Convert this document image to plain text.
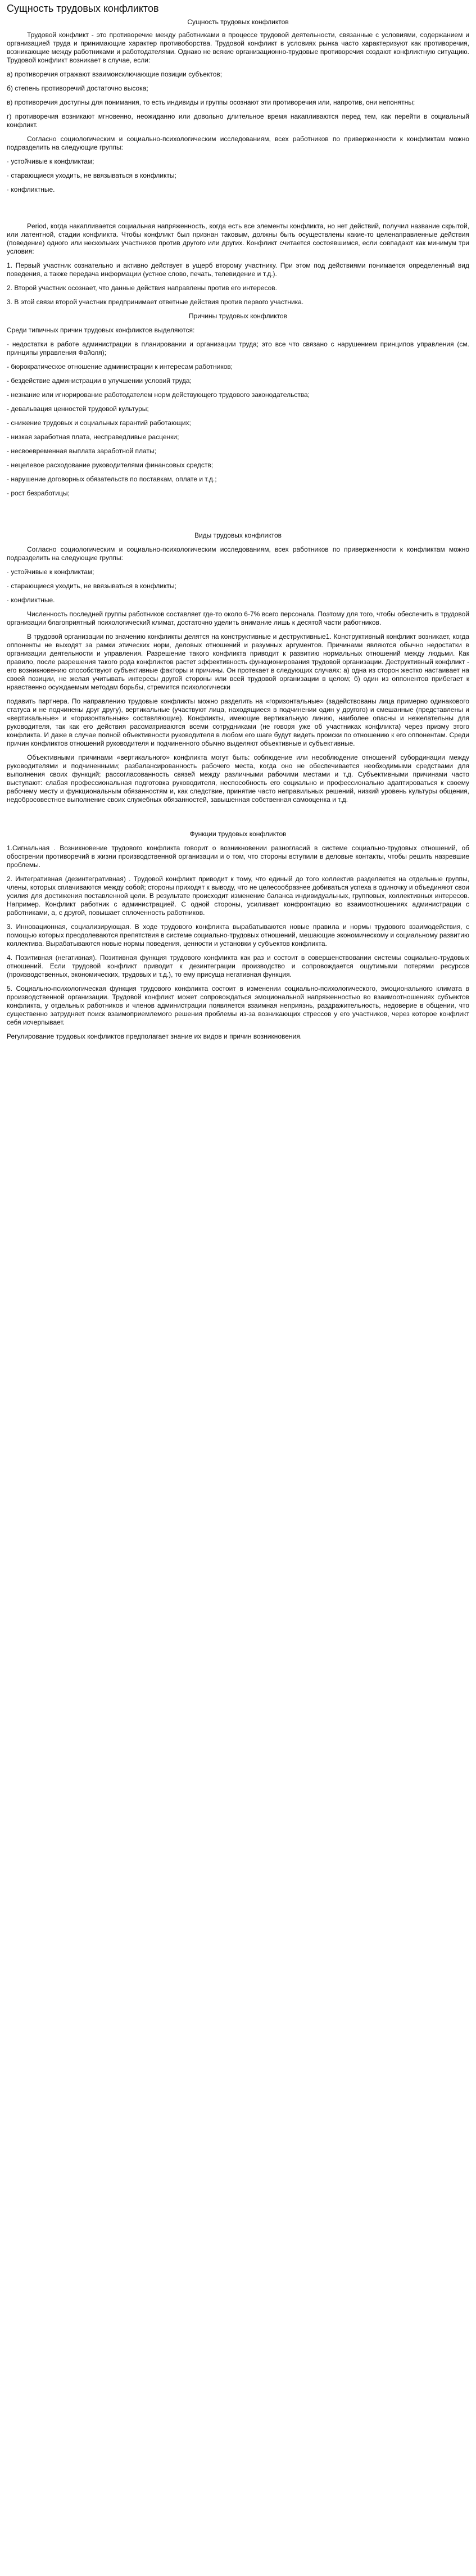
Сущность трудовых конфликтов
Сущность трудовых конфликтов

Трудовой конфликт - это противоречие между работниками в процессе трудовой деятельности, связанные с условиями, содержанием и организацией труда и принимающие характер противоборства. Трудовой конфликт в условиях рынка часто характеризуют как противоречия, возникающие между работниками и работодателями. Однако не всякие организационно-трудовые противоречия создают конфликтную ситуацию. Трудовой конфликт возникает в случае, если:

а) противоречия отражают взаимоисключающие позиции субъектов;

б) степень противоречий достаточно высока;

в) противоречия доступны для понимания, то есть индивиды и группы осознают эти противоречия или, напротив, они непонятны;

г) противоречия возникают мгновенно, неожиданно или довольно длительное время накапливаются перед тем, как перейти в социальный конфликт.

Согласно социологическим и социально-психологическим исследованиям, всех работников по приверженности к конфликтам можно подразделить на следующие группы:

· устойчивые к конфликтам;
· старающиеся уходить, не ввязываться в конфликты;
· конфликтные.

Period, когда накапливается социальная напряженность, когда есть все элементы конфликта, но нет действий, получил название скрытой, или латентной, стадии конфликта. Чтобы конфликт был признан таковым, должны быть осуществлены какие-то целенаправленные действия (поведение) одного или нескольких участников против другого или других. Конфликт считается состоявшимся, если совпадают как минимум три условия:

1. Первый участник сознательно и активно действует в ущерб второму участнику. При этом под действиями понимается определенный вид поведения, а также передача информации (устное слово, печать, телевидение и т.д.).

2. Второй участник осознает, что данные действия направлены против его интересов.

3. В этой связи второй участник предпринимает ответные действия против первого участника.

Причины трудовых конфликтов

Среди типичных причин трудовых конфликтов выделяются:

- недостатки в работе администрации в планировании и организации труда; это все что связано с нарушением принципов управления (см. принципы управления Файоля);

- бюрократическое отношение администрации к интересам работников;

- бездействие администрации в улучшении условий труда;

- незнание или игнорирование работодателем норм действующего трудового законодательства;

- девальвация ценностей трудовой культуры;

- снижение трудовых и социальных гарантий работающих;

- низкая заработная плата, несправедливые расценки;

- несвоевременная выплата заработной платы;

- нецелевое расходование руководителями финансовых средств;

- нарушение договорных обязательств по поставкам, оплате и т.д.;

- рост безработицы;

Виды трудовых конфликтов

Согласно социологическим и социально-психологическим исследованиям, всех работников по приверженности к конфликтам можно подразделить на следующие группы:

· устойчивые к конфликтам;
· старающиеся уходить, не ввязываться в конфликты;
· конфликтные.

Численность последней группы работников составляет где-то около 6-7% всего персонала. Поэтому для того, чтобы обеспечить в трудовой организации благоприятный психологический климат, достаточно уделить внимание лишь к десятой части работников.

В трудовой организации по значению конфликты делятся на конструктивные и деструктивные1. Конструктивный конфликт возникает, когда оппоненты не выходят за рамки этических норм, деловых отношений и разумных аргументов. Причинами являются обычно недостатки в организации деятельности и управления. Разрешение такого конфликта приводит к развитию нормальных отношений между людьми. Как правило, после разрешения такого рода конфликтов растет эффективность функционирования трудовой организации. Деструктивный конфликт - его возникновению способствуют субъективные факторы и причины. Он протекает в следующих случаях: а) одна из сторон жестко настаивает на своей позиции, не желая учитывать интересы другой стороны или всей трудовой организации в целом; б) один из оппонентов прибегает к нравственно осуждаемым методам борьбы, стремится психологически

подавить партнера. По направлению трудовые конфликты можно разделить на «горизонтальные» (задействованы лица примерно одинакового статуса и не подчинены друг другу), вертикальные (участвуют лица, находящиеся в подчинении один у другого) и смешанные (представлены и «вертикальные» и «горизонтальные» составляющие). Конфликты, имеющие вертикальную линию, наиболее опасны и нежелательны для руководителя, так как его действия рассматриваются всеми сотрудниками (не говоря уже об участниках конфликта) через призму этого конфликта. И даже в случае полной объективности руководителя в любом его шаге будут видеть происки по отношению к его оппонентам. Среди причин конфликтов отношений руководителя и подчиненного обычно выделяют объективные и субъективные.

Объективными причинами «вертикального» конфликта могут быть: соблюдение или несоблюдение отношений субординации между руководителями и подчиненными; разбалансированность рабочего места, когда оно не обеспечивается необходимыми средствами для выполнения своих функций; рассогласованность связей между различными рабочими местами и т.д. Субъективными причинами часто выступают: слабая профессиональная подготовка руководителя, неспособность его социально и профессионально адаптироваться к своему рабочему месту и функциональным обязанностям и, как следствие, принятие часто неправильных решений, низкий уровень культуры общения, недобросовестное выполнение своих служебных обязанностей, завышенная собственная самооценка и т.д.

Функции трудовых конфликтов

1.Сигнальная . Возникновение трудового конфликта говорит о возникновении разногласий в системе социально-трудовых отношений, об обострении противоречий в жизни производственной организации и о том, что стороны вступили в деловые контакты, чтобы решить назревшие проблемы.

2. Интегративная (дезинтегративная) . Трудовой конфликт приводит к тому, что единый до того коллектив разделяется на отдельные группы, члены, которых сплачиваются между собой; стороны приходят к выводу, что не целесообразнее добиваться успеха в одиночку и объединяют свои усилия для достижения поставленной цели. В результате происходит изменение баланса индивидуальных, групповых, коллективных интересов. Например. Конфликт работник с администрацией. С одной стороны, усиливает конфронтацию во взаимоотношениях администрации с работниками, а, с другой, повышает сплоченность работников.

3. Инновационная, социализирующая. В ходе трудового конфликта вырабатываются новые правила и нормы трудового взаимодействия, с помощью которых преодолеваются препятствия в системе социально-трудовых отношений, мешающие экономическому и социальному развитию коллектива. Вырабатываются новые нормы поведения, ценности и установки у субъектов конфликта.

4. Позитивная (негативная). Позитивная функция трудового конфликта как раз и состоит в совершенствовании системы социально-трудовых отношений. Если трудовой конфликт приводит к дезинтеграции производство и сопровождается ощутимыми потерями ресурсов (производственных, экономических, трудовых и т.д.), то ему присуща негативная функция.

5. Социально-психологическая функция трудового конфликта состоит в изменении социально-психологического, эмоционального климата в производственной организации. Трудовой конфликт может сопровождаться эмоциональной напряженностью во взаимоотношениях субъектов конфликта, у отдельных работников и членов администрации появляется взаимная неприязнь, раздражительность, недоверие в общении, что существенно затрудняет поиск взаимоприемлемого решения проблемы из-за возникающих стрессов у его участников, через которое конфликт себя исчерпывает.

Регулирование трудовых конфликтов предполагает знание их видов и причин возникновения.
